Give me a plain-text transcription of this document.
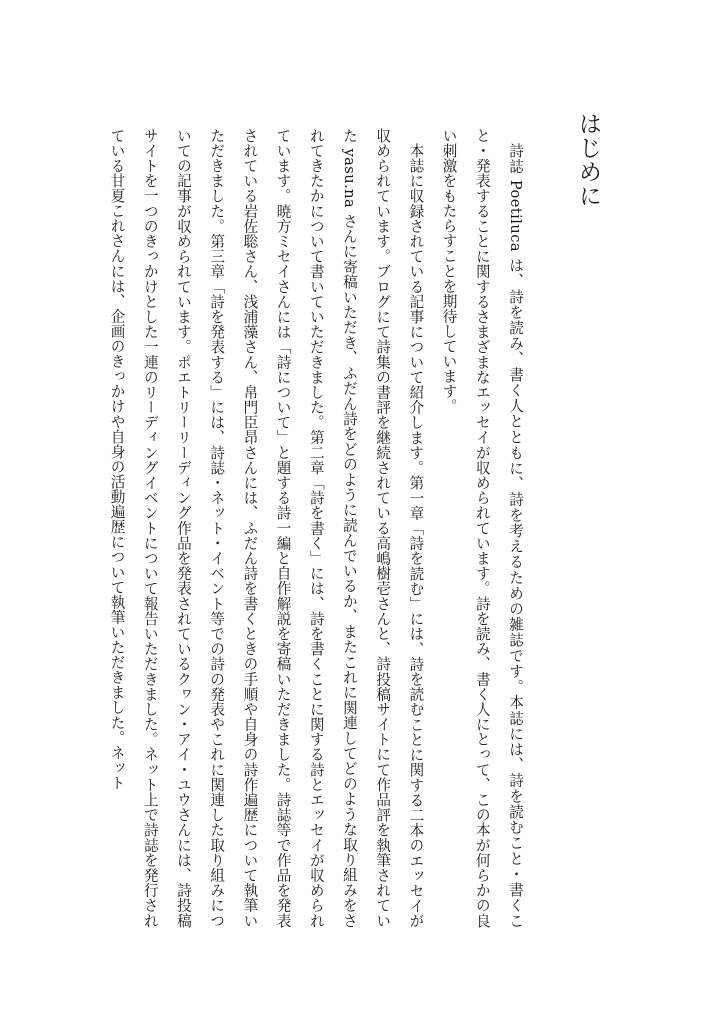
はじめに

詩誌 Poetiluca は、詩を読み、書く人とともに、詩を考えるための雑誌です。本誌には、詩を読むこと・書くこと・発表することに関するさまざまなエッセイが収められています。詩を読み、書く人にとって、この本が何らかの良い刺激をもたらすことを期待しています。

本誌に収録されている記事について紹介します。第一章「詩を読む」には、詩を読むことに関する二本のエッセイが収められています。ブログにて詩集の書評を継続されている高嶋樹壱さんと、詩投稿サイトにて作品評を執筆されていた yasu.na さんに寄稿いただき、ふだん詩をどのように読んでいるか、またこれに関連してどのような取り組みをされてきたかについて書いていただきました。第二章「詩を書く」には、詩を書くことに関する詩とエッセイが収められています。暁方ミセイさんには「詩について」と題する詩一編と自作解説を寄稿いただきました。詩誌等で作品を発表されている岩佐聡さん、浅浦藻さん、帛門臣昂さんには、ふだん詩を書くときの手順や自身の詩作遍歴について執筆いただきました。第三章「詩を発表する」には、詩誌・ネット・イベント等での詩の発表やこれに関連した取り組みについての記事が収められています。ポエトリーリーディング作品を発表されているクヮン・アイ・ユウさんには、詩投稿サイトを一つのきっかけとした一連のリーディングイベントについて報告いただきました。ネット上で詩誌を発行されている甘夏これさんには、企画のきっかけや自身の活動遍歴について執筆いただきました。ネット
